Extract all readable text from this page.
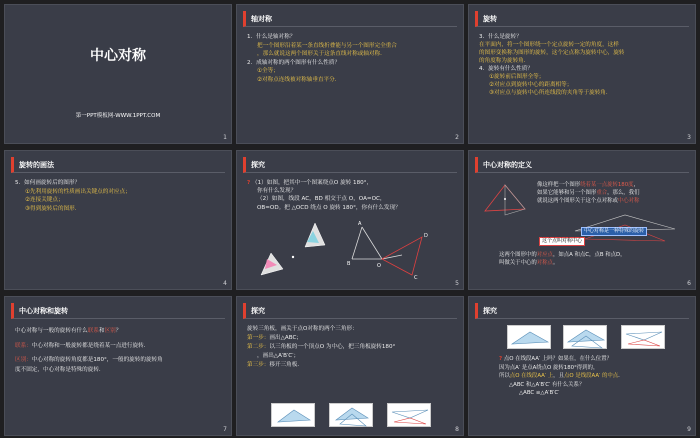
中心对称
第一PPT模板网-WWW.1PPT.COM
1
轴对称
1．什么是轴对称？
把一个图形沿着某一条直线折叠能与另一个图形完全重合
，那么就说这两个图形关于这条直线对称或轴对称．
2．成轴对称的两个图形有什么性质？
①全等；
②对称点连线被对称轴垂直平分．
2
旋转
3．什么是旋转？
在平面内，将一个图形绕一个定点旋转一定的角度，这样
的图形变换称为图形的旋转，这个定点称为旋转中心，旋转
的角度称为旋转角．
4．旋转有什么性质？
①旋转前后图形全等；
②对应点到旋转中心的距离相等；
③对应点与旋转中心所连线段的夹角等于旋转角．
3
旋转的画法
5．如何画旋转后的图形？
①先利用旋转的性质画出关键点的对应点；
②连接关键点；
③得到旋转后的图形．
4
探究
? （1）如图，把其中一个图案绕点O 旋转 180°，
你有什么发现？
（2）如图，线段 AC，BD 相交于点 O，OA=OC，
OB=OD。把 △OCD 绕点 O 旋转 180°，你有什么发现？
A
B	O
C
D
5
中心对称的定义
像这样把一个图形绕着某一点旋转180度，
如果它能够和另一个图形重合，那么，我们
就说这两个图形关于这个点对称或中心对称
中心对称是一种特殊的旋转
这个点叫对称中心
这两个图形中的对应点，如点A 和点C，点B 和点D，
叫做关于中心的对称点。
6
中心对称和旋转
中心对称与一般的旋转有什么联系和区别？
联系：中心对称和一般旋转都是绕着某一点进行旋转．
区别：中心对称的旋转角度都是180°，一般的旋转的旋转角
度不固定，中心对称是特殊的旋转．
7
探究
旋转三角板，画关于点O对称的两个三角形：
第一步：画出△ABC；
第二步：以三角板的一个顶点O 为中心，把三角板旋转180°
，画出△A′B′C′；
第三步：移开三角板．
8
探究
? 点O 在线段AA′ 上吗？如果在，在什么位置？
因为点A′ 是点A绕点O 旋转180°得到的，
所以点O 在线段AA′ 上，且点O 是线段AA′ 的中点．
△ABC 和△A′B′C′ 有什么关系？
△ABC ≌△A′B′C′
9
